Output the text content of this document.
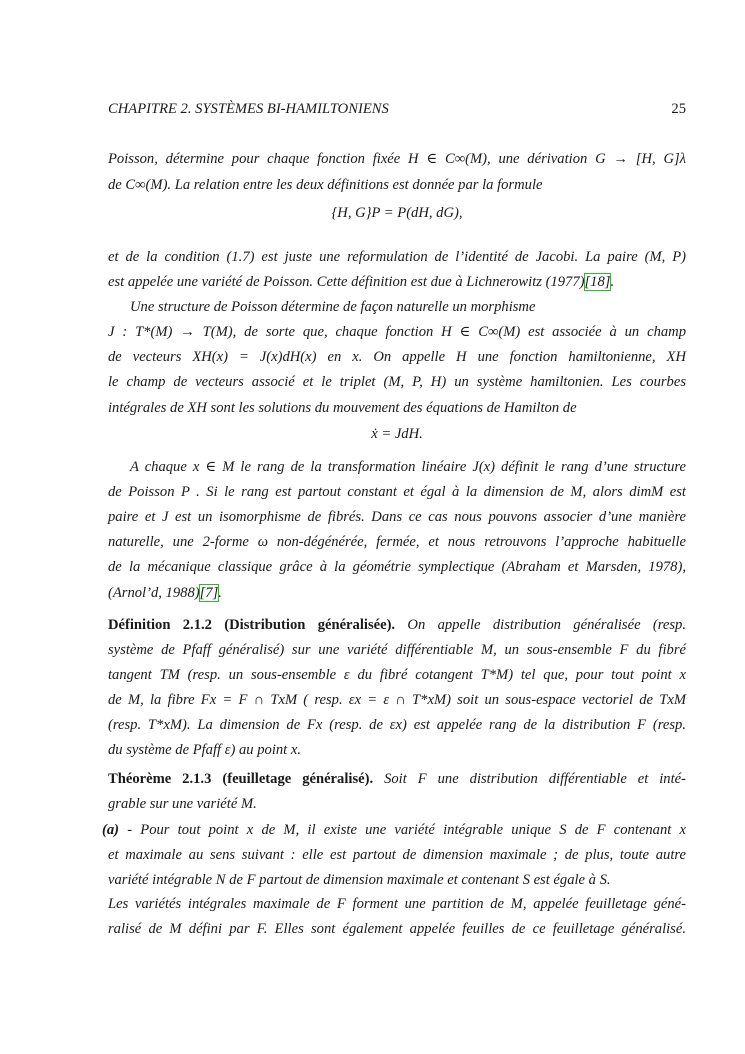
CHAPITRE 2. SYSTÈMES BI-HAMILTONIENS	25
Poisson, détermine pour chaque fonction fixée H ∈ C∞(M), une dérivation G → [H, G]λ
de C∞(M). La relation entre les deux définitions est donnée par la formule
{H, G}P = P(dH, dG),
et de la condition (1.7) est juste une reformulation de l’identité de Jacobi. La paire (M, P)
est appelée une variété de Poisson. Cette définition est due à Lichnerowitz (1977)[18].
Une structure de Poisson détermine de façon naturelle un morphisme
J : T*(M) → T(M), de sorte que, chaque fonction H ∈ C∞(M) est associée à un champ
de vecteurs XH(x) = J(x)dH(x) en x. On appelle H une fonction hamiltonienne, XH
le champ de vecteurs associé et le triplet (M, P, H) un système hamiltonien. Les courbes
intégrales de XH sont les solutions du mouvement des équations de Hamilton de
ẋ = JdH.
A chaque x ∈ M le rang de la transformation linéaire J(x) définit le rang d’une structure
de Poisson P . Si le rang est partout constant et égal à la dimension de M, alors dimM est
paire et J est un isomorphisme de fibrés. Dans ce cas nous pouvons associer d’une manière
naturelle, une 2-forme ω non-dégénérée, fermée, et nous retrouvons l’approche habituelle
de la mécanique classique grâce à la géométrie symplectique (Abraham et Marsden, 1978),
(Arnol’d, 1988)[7].
Définition 2.1.2 (Distribution généralisée). On appelle distribution généralisée (resp.
système de Pfaff généralisé) sur une variété différentiable M, un sous-ensemble F du fibré
tangent TM (resp. un sous-ensemble ε du fibré cotangent T*M) tel que, pour tout point x
de M, la fibre Fx = F ∩ TxM ( resp. εx = ε ∩ T*xM) soit un sous-espace vectoriel de TxM
(resp. T*xM). La dimension de Fx (resp. de εx) est appelée rang de la distribution F (resp.
du système de Pfaff ε) au point x.
Théorème 2.1.3 (feuilletage généralisé). Soit F une distribution différentiable et inté-
grable sur une variété M.
(a) - Pour tout point x de M, il existe une variété intégrable unique S de F contenant x
et maximale au sens suivant : elle est partout de dimension maximale ; de plus, toute autre
variété intégrable N de F partout de dimension maximale et contenant S est égale à S.
Les variétés intégrales maximale de F forment une partition de M, appelée feuilletage géné-
ralisé de M défini par F. Elles sont également appelée feuilles de ce feuilletage généralisé.
